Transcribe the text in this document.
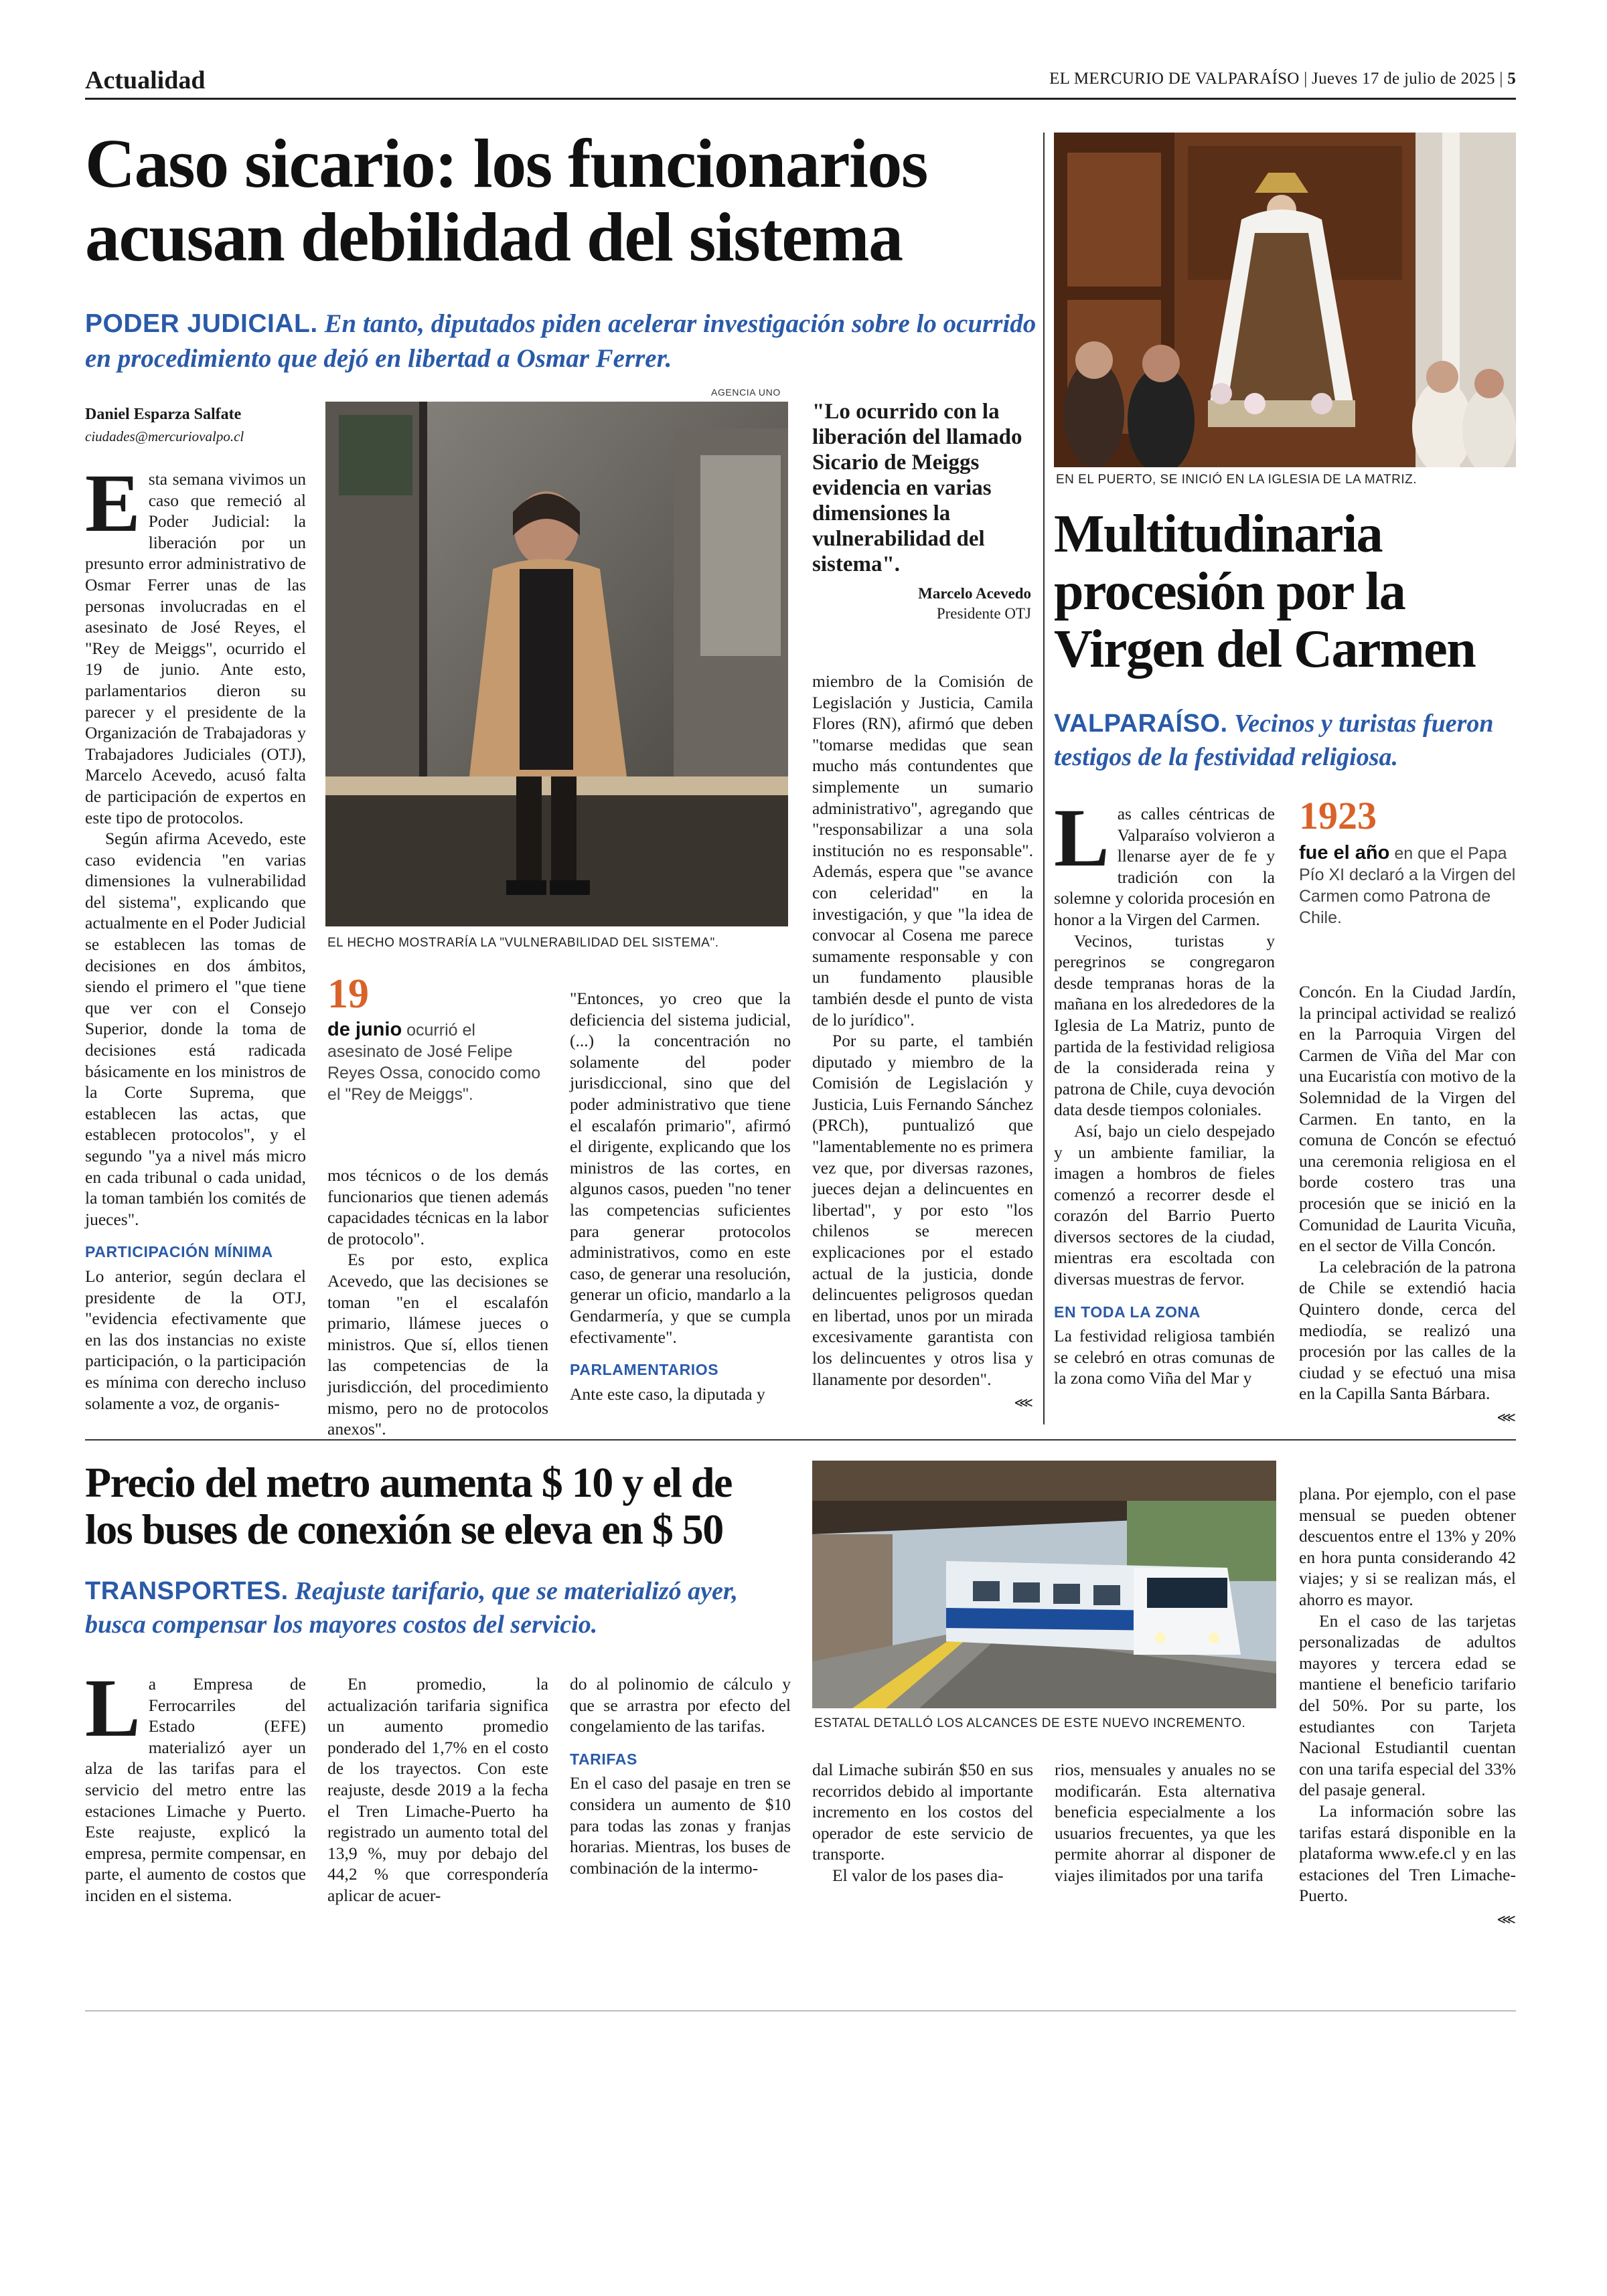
Actualidad	EL MERCURIO DE VALPARAÍSO | Jueves 17 de julio de 2025 | 5
Caso sicario: los funcionarios acusan debilidad del sistema
PODER JUDICIAL. En tanto, diputados piden acelerar investigación sobre lo ocurrido en procedimiento que dejó en libertad a Osmar Ferrer.
Daniel Esparza Salfate
ciudades@mercuriovalpo.cl

Esta semana vivimos un caso que remeció al Poder Judicial: la liberación por un presunto error administrativo de Osmar Ferrer unas de las personas involucradas en el asesinato de José Reyes, el "Rey de Meiggs", ocurrido el 19 de junio. Ante esto, parlamentarios dieron su parecer y el presidente de la Organización de Trabajadoras y Trabajadores Judiciales (OTJ), Marcelo Acevedo, acusó falta de participación de expertos en este tipo de protocolos.

Según afirma Acevedo, este caso evidencia "en varias dimensiones la vulnerabilidad del sistema", explicando que actualmente en el Poder Judicial se establecen las tomas de decisiones en dos ámbitos, siendo el primero el "que tiene que ver con el Consejo Superior, donde la toma de decisiones está radicada básicamente en los ministros de la Corte Suprema, que establecen las actas, que establecen protocolos", y el segundo "ya a nivel más micro en cada tribunal o cada unidad, la toman también los comités de jueces".

PARTICIPACIÓN MÍNIMA

Lo anterior, según declara el presidente de la OTJ, "evidencia efectivamente que en las dos instancias no existe participación, o la participación es mínima con derecho incluso solamente a voz, de organis-

AGENCIA UNO
EL HECHO MOSTRARÍA LA "VULNERABILIDAD DEL SISTEMA".
"Lo ocurrido con la liberación del llamado Sicario de Meiggs evidencia en varias dimensiones la vulnerabilidad del sistema".
Marcelo Acevedo
Presidente OTJ
19
de junio ocurrió el asesinato de José Felipe Reyes Ossa, conocido como el "Rey de Meiggs".

mos técnicos o de los demás funcionarios que tienen además capacidades técnicas en la labor de protocolo".

Es por esto, explica Acevedo, que las decisiones se toman "en el escalafón primario, llámese jueces o ministros. Que sí, ellos tienen las competencias de la jurisdicción, del procedimiento mismo, pero no de protocolos anexos".

"Entonces, yo creo que la deficiencia del sistema judicial, (...) la concentración no solamente del poder jurisdiccional, sino que del poder administrativo que tiene el escalafón primario", afirmó el dirigente, explicando que los ministros de las cortes, en algunos casos, pueden "no tener las competencias suficientes para generar protocolos administrativos, como en este caso, de generar una resolución, generar un oficio, mandarlo a la Gendarmería, y que se cumpla efectivamente".

PARLAMENTARIOS

Ante este caso, la diputada y

miembro de la Comisión de Legislación y Justicia, Camila Flores (RN), afirmó que deben "tomarse medidas que sean mucho más contundentes que simplemente un sumario administrativo", agregando que "responsabilizar a una sola institución no es responsable". Además, espera que "se avance con celeridad" en la investigación, y que "la idea de convocar al Cosena me parece sumamente responsable y con un fundamento plausible también desde el punto de vista de lo jurídico".

Por su parte, el también diputado y miembro de la Comisión de Legislación y Justicia, Luis Fernando Sánchez (PRCh), puntualizó que "lamentablemente no es primera vez que, por diversas razones, jueces dejan a delincuentes en libertad", y por esto "los chilenos se merecen explicaciones por el estado actual de la justicia, donde delincuentes peligrosos quedan en libertad, unos por un mirada excesivamente garantista con los delincuentes y otros lisa y llanamente por desorden".

⋘
EN EL PUERTO, SE INICIÓ EN LA IGLESIA DE LA MATRIZ.
Multitudinaria procesión por la Virgen del Carmen
VALPARAÍSO. Vecinos y turistas fueron testigos de la festividad religiosa.

Las calles céntricas de Valparaíso volvieron a llenarse ayer de fe y tradición con la solemne y colorida procesión en honor a la Virgen del Carmen.

Vecinos, turistas y peregrinos se congregaron desde tempranas horas de la mañana en los alrededores de la Iglesia de La Matriz, punto de partida de la festividad religiosa de la considerada reina y patrona de Chile, cuya devoción data desde tiempos coloniales.

Así, bajo un cielo despejado y un ambiente familiar, la imagen a hombros de fieles comenzó a recorrer desde el corazón del Barrio Puerto diversos sectores de la ciudad, mientras era escoltada con diversas muestras de fervor.

EN TODA LA ZONA

La festividad religiosa también se celebró en otras comunas de la zona como Viña del Mar y

1923
fue el año en que el Papa Pío XI declaró a la Virgen del Carmen como Patrona de Chile.

Concón. En la Ciudad Jardín, la principal actividad se realizó en la Parroquia Virgen del Carmen de Viña del Mar con una Eucaristía con motivo de la Solemnidad de la Virgen del Carmen. En tanto, en la comuna de Concón se efectuó una ceremonia religiosa en el borde costero tras una procesión que se inició en la Comunidad de Laurita Vicuña, en el sector de Villa Concón.

La celebración de la patrona de Chile se extendió hacia Quintero donde, cerca del mediodía, se realizó una procesión por las calles de la ciudad y se efectuó una misa en la Capilla Santa Bárbara.

⋘
Precio del metro aumenta $ 10 y el de los buses de conexión se eleva en $ 50
TRANSPORTES. Reajuste tarifario, que se materializó ayer, busca compensar los mayores costos del servicio.
ESTATAL DETALLÓ LOS ALCANCES DE ESTE NUEVO INCREMENTO.

La Empresa de Ferrocarriles del Estado (EFE) materializó ayer un alza de las tarifas para el servicio del metro entre las estaciones Limache y Puerto. Este reajuste, explicó la empresa, permite compensar, en parte, el aumento de costos que inciden en el sistema.

En promedio, la actualización tarifaria significa un aumento promedio ponderado del 1,7% en el costo de los trayectos. Con este reajuste, desde 2019 a la fecha el Tren Limache-Puerto ha registrado un aumento total del 13,9 %, muy por debajo del 44,2 % que correspondería aplicar de acuer-

do al polinomio de cálculo y que se arrastra por efecto del congelamiento de las tarifas.

TARIFAS

En el caso del pasaje en tren se considera un aumento de $10 para todas las zonas y franjas horarias. Mientras, los buses de combinación de la intermo-

dal Limache subirán $50 en sus recorridos debido al importante incremento en los costos del operador de este servicio de transporte.

El valor de los pases dia-

rios, mensuales y anuales no se modificarán. Esta alternativa beneficia especialmente a los usuarios frecuentes, ya que les permite ahorrar al disponer de viajes ilimitados por una tarifa

plana. Por ejemplo, con el pase mensual se pueden obtener descuentos entre el 13% y 20% en hora punta considerando 42 viajes; y si se realizan más, el ahorro es mayor.

En el caso de las tarjetas personalizadas de adultos mayores y tercera edad se mantiene el beneficio tarifario del 50%. Por su parte, los estudiantes con Tarjeta Nacional Estudiantil cuentan con una tarifa especial del 33% del pasaje general.

La información sobre las tarifas estará disponible en la plataforma www.efe.cl y en las estaciones del Tren Limache-Puerto.

⋘
